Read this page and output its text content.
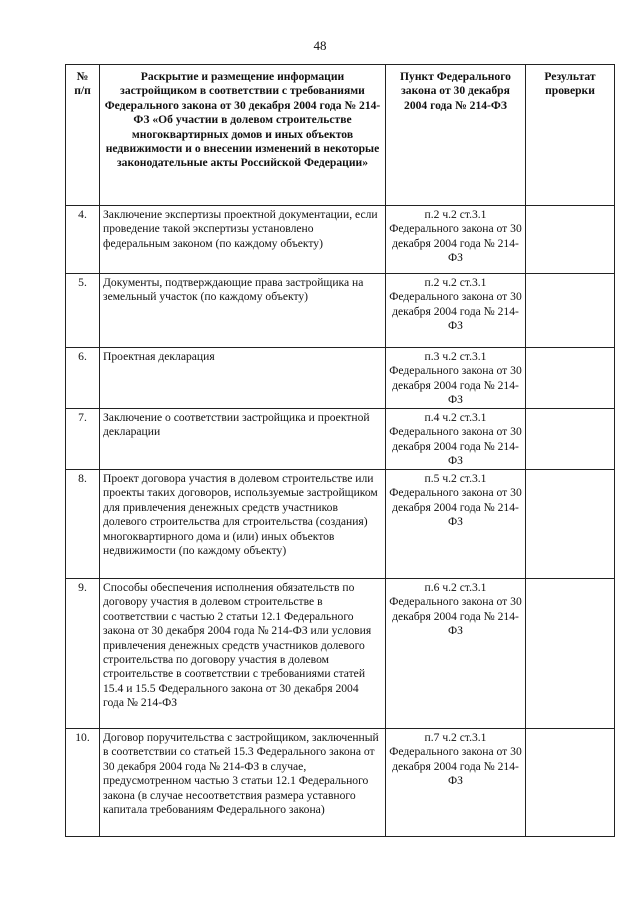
48
№
п/п	Раскрытие и размещение информации застройщиком в соответствии с требованиями Федерального закона от 30 декабря 2004 года № 214-ФЗ «Об участии в долевом строительстве многоквартирных домов и иных объектов недвижимости и о внесении изменений в некоторые законодательные акты Российской Федерации»	Пункт Федерального закона от 30 декабря 2004 года № 214-ФЗ	Результат проверки
4.	Заключение экспертизы проектной документации, если проведение такой экспертизы установлено федеральным законом (по каждому объекту)	п.2 ч.2 ст.3.1 Федерального закона от 30 декабря 2004 года № 214-ФЗ	
5.	Документы, подтверждающие права застройщика на земельный участок (по каждому объекту)	п.2 ч.2 ст.3.1 Федерального закона от 30 декабря 2004 года № 214-ФЗ	
6.	Проектная декларация	п.3 ч.2 ст.3.1 Федерального закона от 30 декабря 2004 года № 214-ФЗ	
7.	Заключение о соответствии застройщика и проектной декларации	п.4 ч.2 ст.3.1 Федерального закона от 30 декабря 2004 года № 214-ФЗ	
8.	Проект договора участия в долевом строительстве или проекты таких договоров, используемые застройщиком для привлечения денежных средств участников долевого строительства для строительства (создания) многоквартирного дома и (или) иных объектов недвижимости (по каждому объекту)	п.5 ч.2 ст.3.1 Федерального закона от 30 декабря 2004 года № 214-ФЗ	
9.	Способы обеспечения исполнения обязательств по договору участия в долевом строительстве в соответствии с частью 2 статьи 12.1 Федерального закона от 30 декабря 2004 года № 214-ФЗ или условия привлечения денежных средств участников долевого строительства по договору участия в долевом строительстве в соответствии с требованиями статей 15.4 и 15.5 Федерального закона от 30 декабря 2004 года № 214-ФЗ	п.6 ч.2 ст.3.1 Федерального закона от 30 декабря 2004 года № 214-ФЗ	
10.	Договор поручительства с застройщиком, заключенный в соответствии со статьей 15.3 Федерального закона от 30 декабря 2004 года № 214-ФЗ в случае, предусмотренном частью 3 статьи 12.1 Федерального закона (в случае несоответствия размера уставного капитала требованиям Федерального закона)	п.7 ч.2 ст.3.1 Федерального закона от 30 декабря 2004 года № 214-ФЗ	
